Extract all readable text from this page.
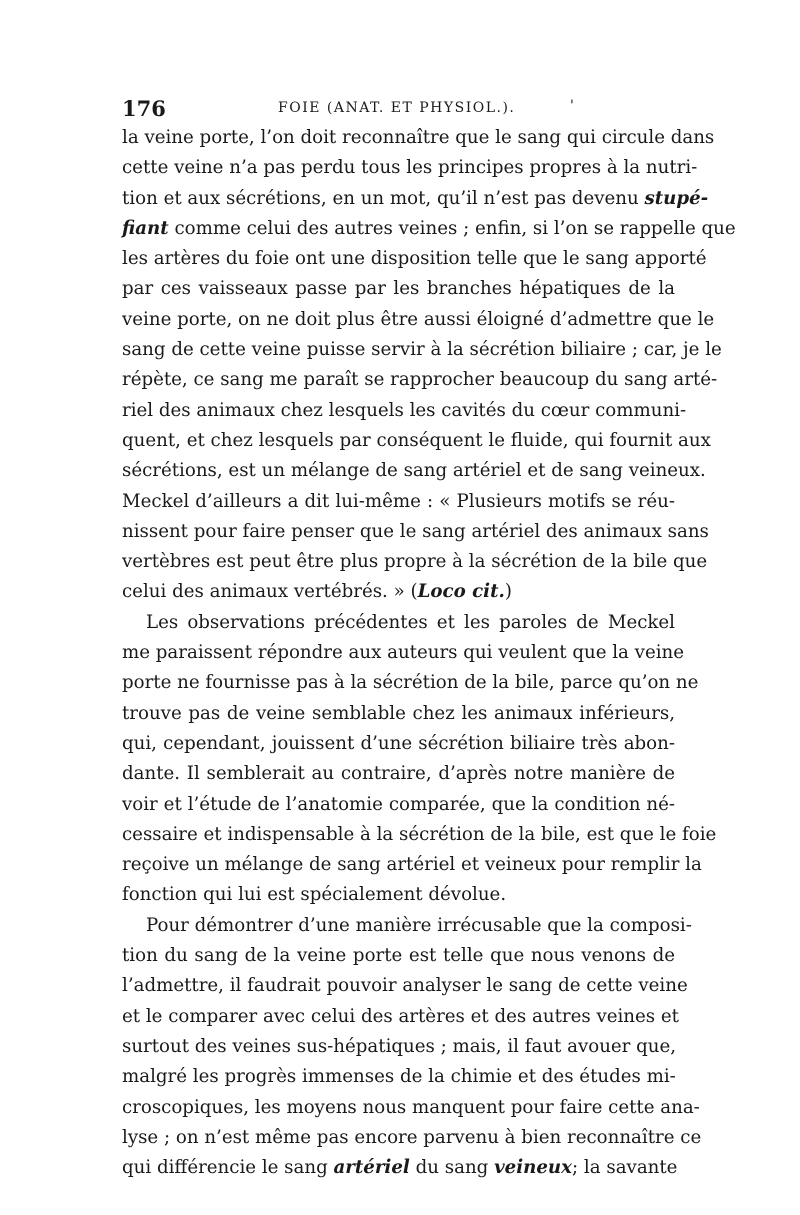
176	FOIE (ANAT. ET PHYSIOL.).	'
la veine porte, l’on doit reconnaître que le sang qui circule dans
cette veine n’a pas perdu tous les principes propres à la nutri-
tion et aux sécrétions, en un mot, qu’il n’est pas devenu stupé-
fiant comme celui des autres veines ; enfin, si l’on se rappelle que
les artères du foie ont une disposition telle que le sang apporté
par ces vaisseaux passe par les branches hépatiques de la
veine porte, on ne doit plus être aussi éloigné d’admettre que le
sang de cette veine puisse servir à la sécrétion biliaire ; car, je le
répète, ce sang me paraît se rapprocher beaucoup du sang arté-
riel des animaux chez lesquels les cavités du cœur communi-
quent, et chez lesquels par conséquent le fluide, qui fournit aux
sécrétions, est un mélange de sang artériel et de sang veineux.
Meckel d’ailleurs a dit lui-même : « Plusieurs motifs se réu-
nissent pour faire penser que le sang artériel des animaux sans
vertèbres est peut être plus propre à la sécrétion de la bile que
celui des animaux vertébrés. » (Loco cit.)
Les observations précédentes et les paroles de Meckel
me paraissent répondre aux auteurs qui veulent que la veine
porte ne fournisse pas à la sécrétion de la bile, parce qu’on ne
trouve pas de veine semblable chez les animaux inférieurs,
qui, cependant, jouissent d’une sécrétion biliaire très abon-
dante. Il semblerait au contraire, d’après notre manière de
voir et l’étude de l’anatomie comparée, que la condition né-
cessaire et indispensable à la sécrétion de la bile, est que le foie
reçoive un mélange de sang artériel et veineux pour remplir la
fonction qui lui est spécialement dévolue.
Pour démontrer d’une manière irrécusable que la composi-
tion du sang de la veine porte est telle que nous venons de
l’admettre, il faudrait pouvoir analyser le sang de cette veine
et le comparer avec celui des artères et des autres veines et
surtout des veines sus-hépatiques ; mais, il faut avouer que,
malgré les progrès immenses de la chimie et des études mi-
croscopiques, les moyens nous manquent pour faire cette ana-
lyse ; on n’est même pas encore parvenu à bien reconnaître ce
qui différencie le sang artériel du sang veineux; la savante
